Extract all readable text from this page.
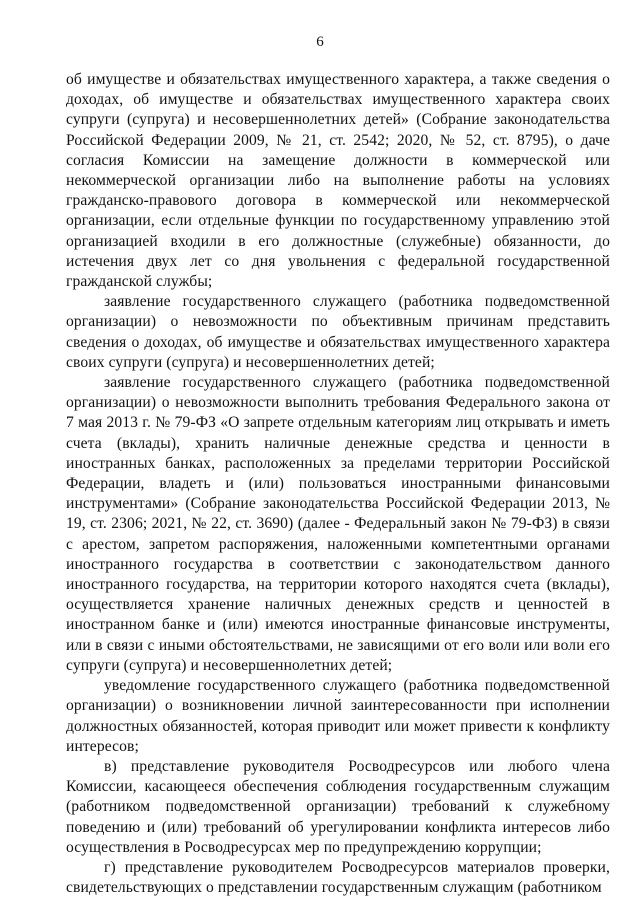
6

об имуществе и обязательствах имущественного характера, а также сведения о доходах, об имуществе и обязательствах имущественного характера своих супруги (супруга) и несовершеннолетних детей» (Собрание законодательства Российской Федерации 2009, № 21, ст. 2542; 2020, № 52, ст. 8795), о даче согласия Комиссии на замещение должности в коммерческой или некоммерческой организации либо на выполнение работы на условиях гражданско-правового договора в коммерческой или некоммерческой организации, если отдельные функции по государственному управлению этой организацией входили в его должностные (служебные) обязанности, до истечения двух лет со дня увольнения с федеральной государственной гражданской службы;

заявление государственного служащего (работника подведомственной организации) о невозможности по объективным причинам представить сведения о доходах, об имуществе и обязательствах имущественного характера своих супруги (супруга) и несовершеннолетних детей;

заявление государственного служащего (работника подведомственной организации) о невозможности выполнить требования Федерального закона от 7 мая 2013 г. № 79-ФЗ «О запрете отдельным категориям лиц открывать и иметь счета (вклады), хранить наличные денежные средства и ценности в иностранных банках, расположенных за пределами территории Российской Федерации, владеть и (или) пользоваться иностранными финансовыми инструментами» (Собрание законодательства Российской Федерации 2013, № 19, ст. 2306; 2021, № 22, ст. 3690) (далее - Федеральный закон № 79-ФЗ) в связи с арестом, запретом распоряжения, наложенными компетентными органами иностранного государства в соответствии с законодательством данного иностранного государства, на территории которого находятся счета (вклады), осуществляется хранение наличных денежных средств и ценностей в иностранном банке и (или) имеются иностранные финансовые инструменты, или в связи с иными обстоятельствами, не зависящими от его воли или воли его супруги (супруга) и несовершеннолетних детей;

уведомление государственного служащего (работника подведомственной организации) о возникновении личной заинтересованности при исполнении должностных обязанностей, которая приводит или может привести к конфликту интересов;

в) представление руководителя Росводресурсов или любого члена Комиссии, касающееся обеспечения соблюдения государственным служащим (работником подведомственной организации) требований к служебному поведению и (или) требований об урегулировании конфликта интересов либо осуществления в Росводресурсах мер по предупреждению коррупции;

г) представление руководителем Росводресурсов материалов проверки, свидетельствующих о представлении государственным служащим (работником
